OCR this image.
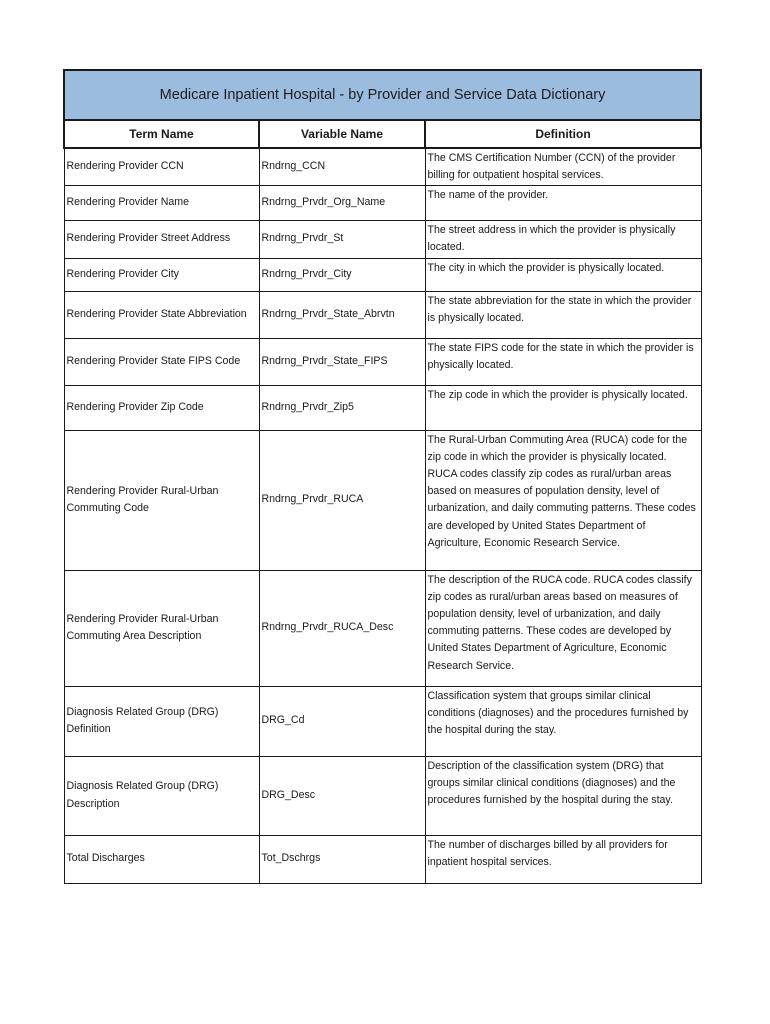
Medicare Inpatient Hospital - by Provider and Service Data Dictionary		
Term Name	Variable Name	Definition
Rendering Provider CCN	Rndrng_CCN	The CMS Certification Number (CCN) of the provider billing for outpatient hospital services.
Rendering Provider Name	Rndrng_Prvdr_Org_Name	The name of the provider.
Rendering Provider Street Address	Rndrng_Prvdr_St	The street address in which the provider is physically located.
Rendering Provider City	Rndrng_Prvdr_City	The city in which the provider is physically located.
Rendering Provider State Abbreviation	Rndrng_Prvdr_State_Abrvtn	The state abbreviation for the state in which the provider is physically located.
Rendering Provider State FIPS Code	Rndrng_Prvdr_State_FIPS	The state FIPS code for the state in which the provider is physically located.
Rendering Provider Zip Code	Rndrng_Prvdr_Zip5	The zip code in which the provider is physically located.
Rendering Provider Rural-Urban Commuting Code	Rndrng_Prvdr_RUCA	The Rural-Urban Commuting Area (RUCA) code for the zip code in which the provider is physically located. RUCA codes classify zip codes as rural/urban areas based on measures of population density, level of urbanization, and daily commuting patterns. These codes are developed by United States Department of Agriculture, Economic Research Service.
Rendering Provider Rural-Urban Commuting Area Description	Rndrng_Prvdr_RUCA_Desc	The description of the RUCA code. RUCA codes classify zip codes as rural/urban areas based on measures of population density, level of urbanization, and daily commuting patterns. These codes are developed by United States Department of Agriculture, Economic Research Service.
Diagnosis Related Group (DRG) Definition	DRG_Cd	Classification system that groups similar clinical conditions (diagnoses) and the procedures furnished by the hospital during the stay.
Diagnosis Related Group (DRG) Description	DRG_Desc	Description of the classification system (DRG) that groups similar clinical conditions (diagnoses) and the procedures furnished by the hospital during the stay.
Total Discharges	Tot_Dschrgs	The number of discharges billed by all providers for inpatient hospital services.
